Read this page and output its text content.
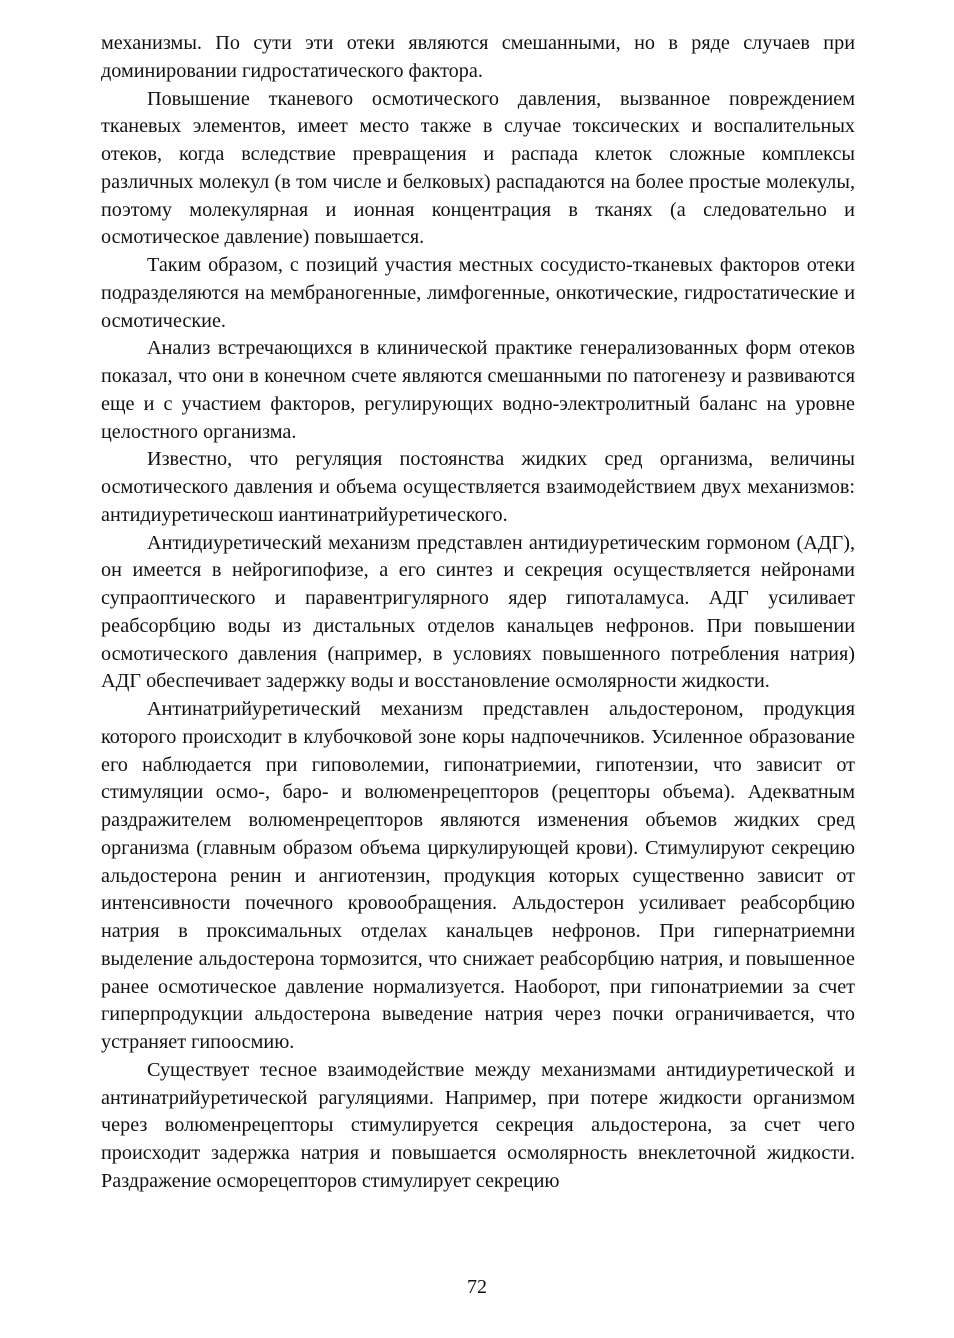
механизмы. По сути эти отеки являются смешанными, но в ряде случаев при доминировании гидростатического фактора.

Повышение тканевого осмотического давления, вызванное повреждением тканевых элементов, имеет место также в случае токсических и воспалительных отеков, когда вследствие превращения и распада клеток сложные комплексы различных молекул (в том числе и белковых) распадаются на более простые молекулы, поэтому молекулярная и ионная концентрация в тканях (а следовательно и осмотическое давление) повышается.

Таким образом, с позиций участия местных сосудисто-тканевых факторов отеки подразделяются на мембраногенные, лимфогенные, онкотические, гидростатические и осмотические.

Анализ встречающихся в клинической практике генерализованных форм отеков показал, что они в конечном счете являются смешанными по патогенезу и развиваются еще и с участием факторов, регулирующих водно-электролитный баланс на уровне целостного организма.

Известно, что регуляция постоянства жидких сред организма, величины осмотического давления и объема осуществляется взаимодействием двух механизмов: антидиуретическош иантинатрийуретического.

Антидиуретический механизм представлен антидиуретическим гормоном (АДГ), он имеется в нейрогипофизе, а его синтез и секреция осуществляется нейронами супраоптического и паравентригулярного ядер гипоталамуса. АДГ усиливает реабсорбцию воды из дистальных отделов канальцев нефронов. При повышении осмотического давления (например, в условиях повышенного потребления натрия) АДГ обеспечивает задержку воды и восстановление осмолярности жидкости.

Антинатрийуретический механизм представлен альдостероном, продукция которого происходит в клубочковой зоне коры надпочечников. Усиленное образование его наблюдается при гиповолемии, гипонатриемии, гипотензии, что зависит от стимуляции осмо-, баро- и волюменрецепторов (рецепторы объема). Адекватным раздражителем волюменрецепторов являются изменения объемов жидких сред организма (главным образом объема циркулирующей крови). Стимулируют секрецию альдостерона ренин и ангиотензин, продукция которых существенно зависит от интенсивности почечного кровообращения. Альдостерон усиливает реабсорбцию натрия в проксимальных отделах канальцев нефронов. При гипернатриемни выделение альдостерона тормозится, что снижает реабсорбцию натрия, и повышенное ранее осмотическое давление нормализуется. Наоборот, при гипонатриемии за счет гиперпродукции альдостерона выведение натрия через почки ограничивается, что устраняет гипоосмию.

Существует тесное взаимодействие между механизмами антидиуретической и антинатрийуретической рагуляциями. Например, при потере жидкости организмом через волюменрецепторы стимулируется секреция альдостерона, за счет чего происходит задержка натрия и повышается осмолярность внеклеточной жидкости. Раздражение осморецепторов стимулирует секрецию

72
